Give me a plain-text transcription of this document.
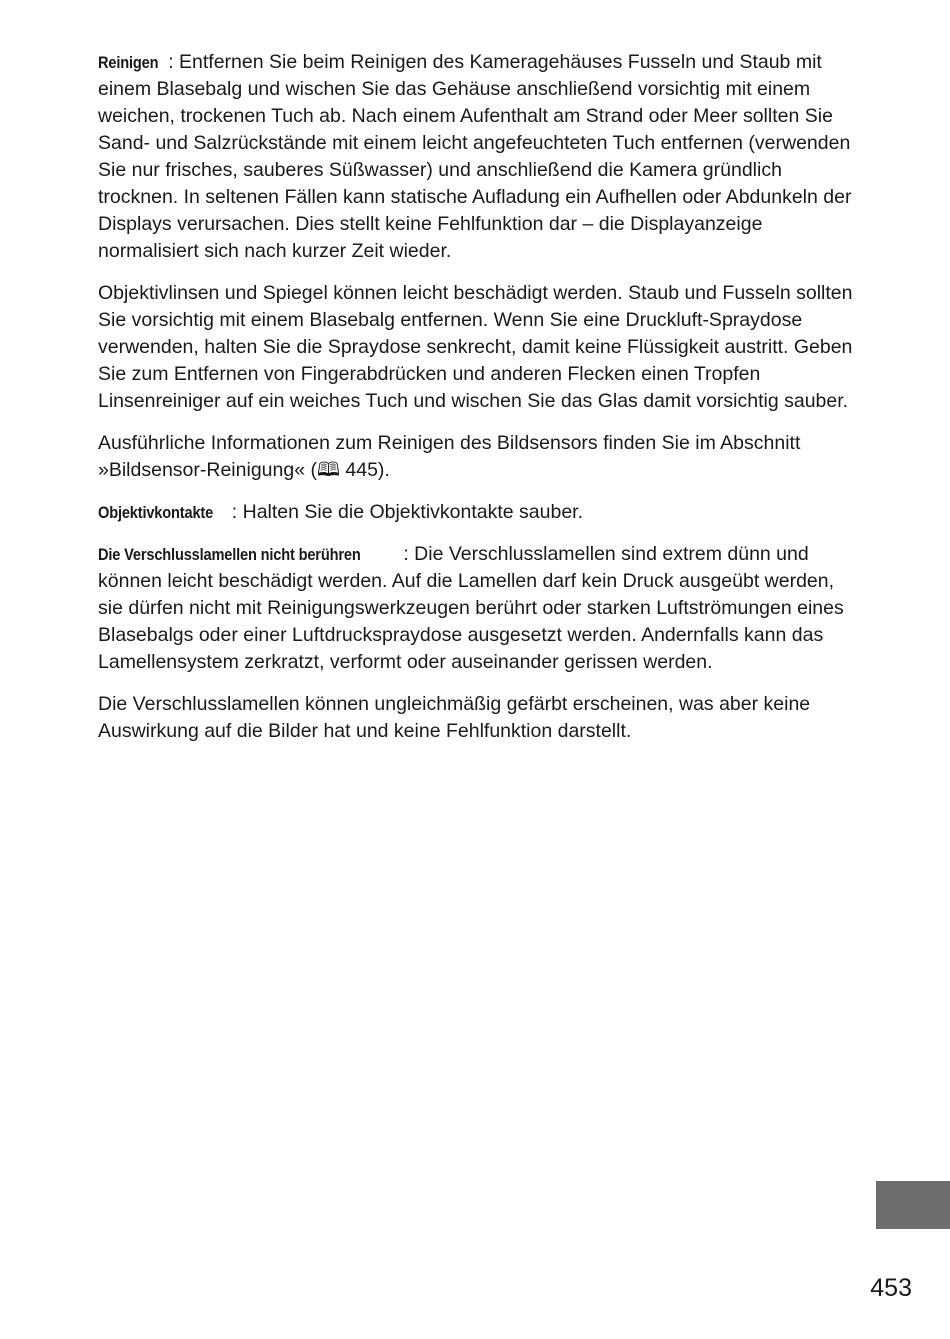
Reinigen : Entfernen Sie beim Reinigen des Kameragehäuses Fusseln und Staub mit einem Blasebalg und wischen Sie das Gehäuse anschließend vorsichtig mit einem weichen, trockenen Tuch ab. Nach einem Aufenthalt am Strand oder Meer sollten Sie Sand- und Salzrückstände mit einem leicht angefeuchteten Tuch entfernen (verwenden Sie nur frisches, sauberes Süßwasser) und anschließend die Kamera gründlich trocknen. In seltenen Fällen kann statische Aufladung ein Aufhellen oder Abdunkeln der Displays verursachen. Dies stellt keine Fehlfunktion dar – die Displayanzeige normalisiert sich nach kurzer Zeit wieder.

Objektivlinsen und Spiegel können leicht beschädigt werden. Staub und Fusseln sollten Sie vorsichtig mit einem Blasebalg entfernen. Wenn Sie eine Druckluft-Spraydose verwenden, halten Sie die Spraydose senkrecht, damit keine Flüssigkeit austritt. Geben Sie zum Entfernen von Fingerabdrücken und anderen Flecken einen Tropfen Linsenreiniger auf ein weiches Tuch und wischen Sie das Glas damit vorsichtig sauber.

Ausführliche Informationen zum Reinigen des Bildsensors finden Sie im Abschnitt »Bildsensor-Reinigung« (🕮 445).

Objektivkontakte : Halten Sie die Objektivkontakte sauber.

Die Verschlusslamellen nicht berühren : Die Verschlusslamellen sind extrem dünn und können leicht beschädigt werden. Auf die Lamellen darf kein Druck ausgeübt werden, sie dürfen nicht mit Reinigungswerkzeugen berührt oder starken Luftströmungen eines Blasebalgs oder einer Luftdruckspraydose ausgesetzt werden. Andernfalls kann das Lamellensystem zerkratzt, verformt oder auseinander gerissen werden.

Die Verschlusslamellen können ungleichmäßig gefärbt erscheinen, was aber keine Auswirkung auf die Bilder hat und keine Fehlfunktion darstellt.

453
